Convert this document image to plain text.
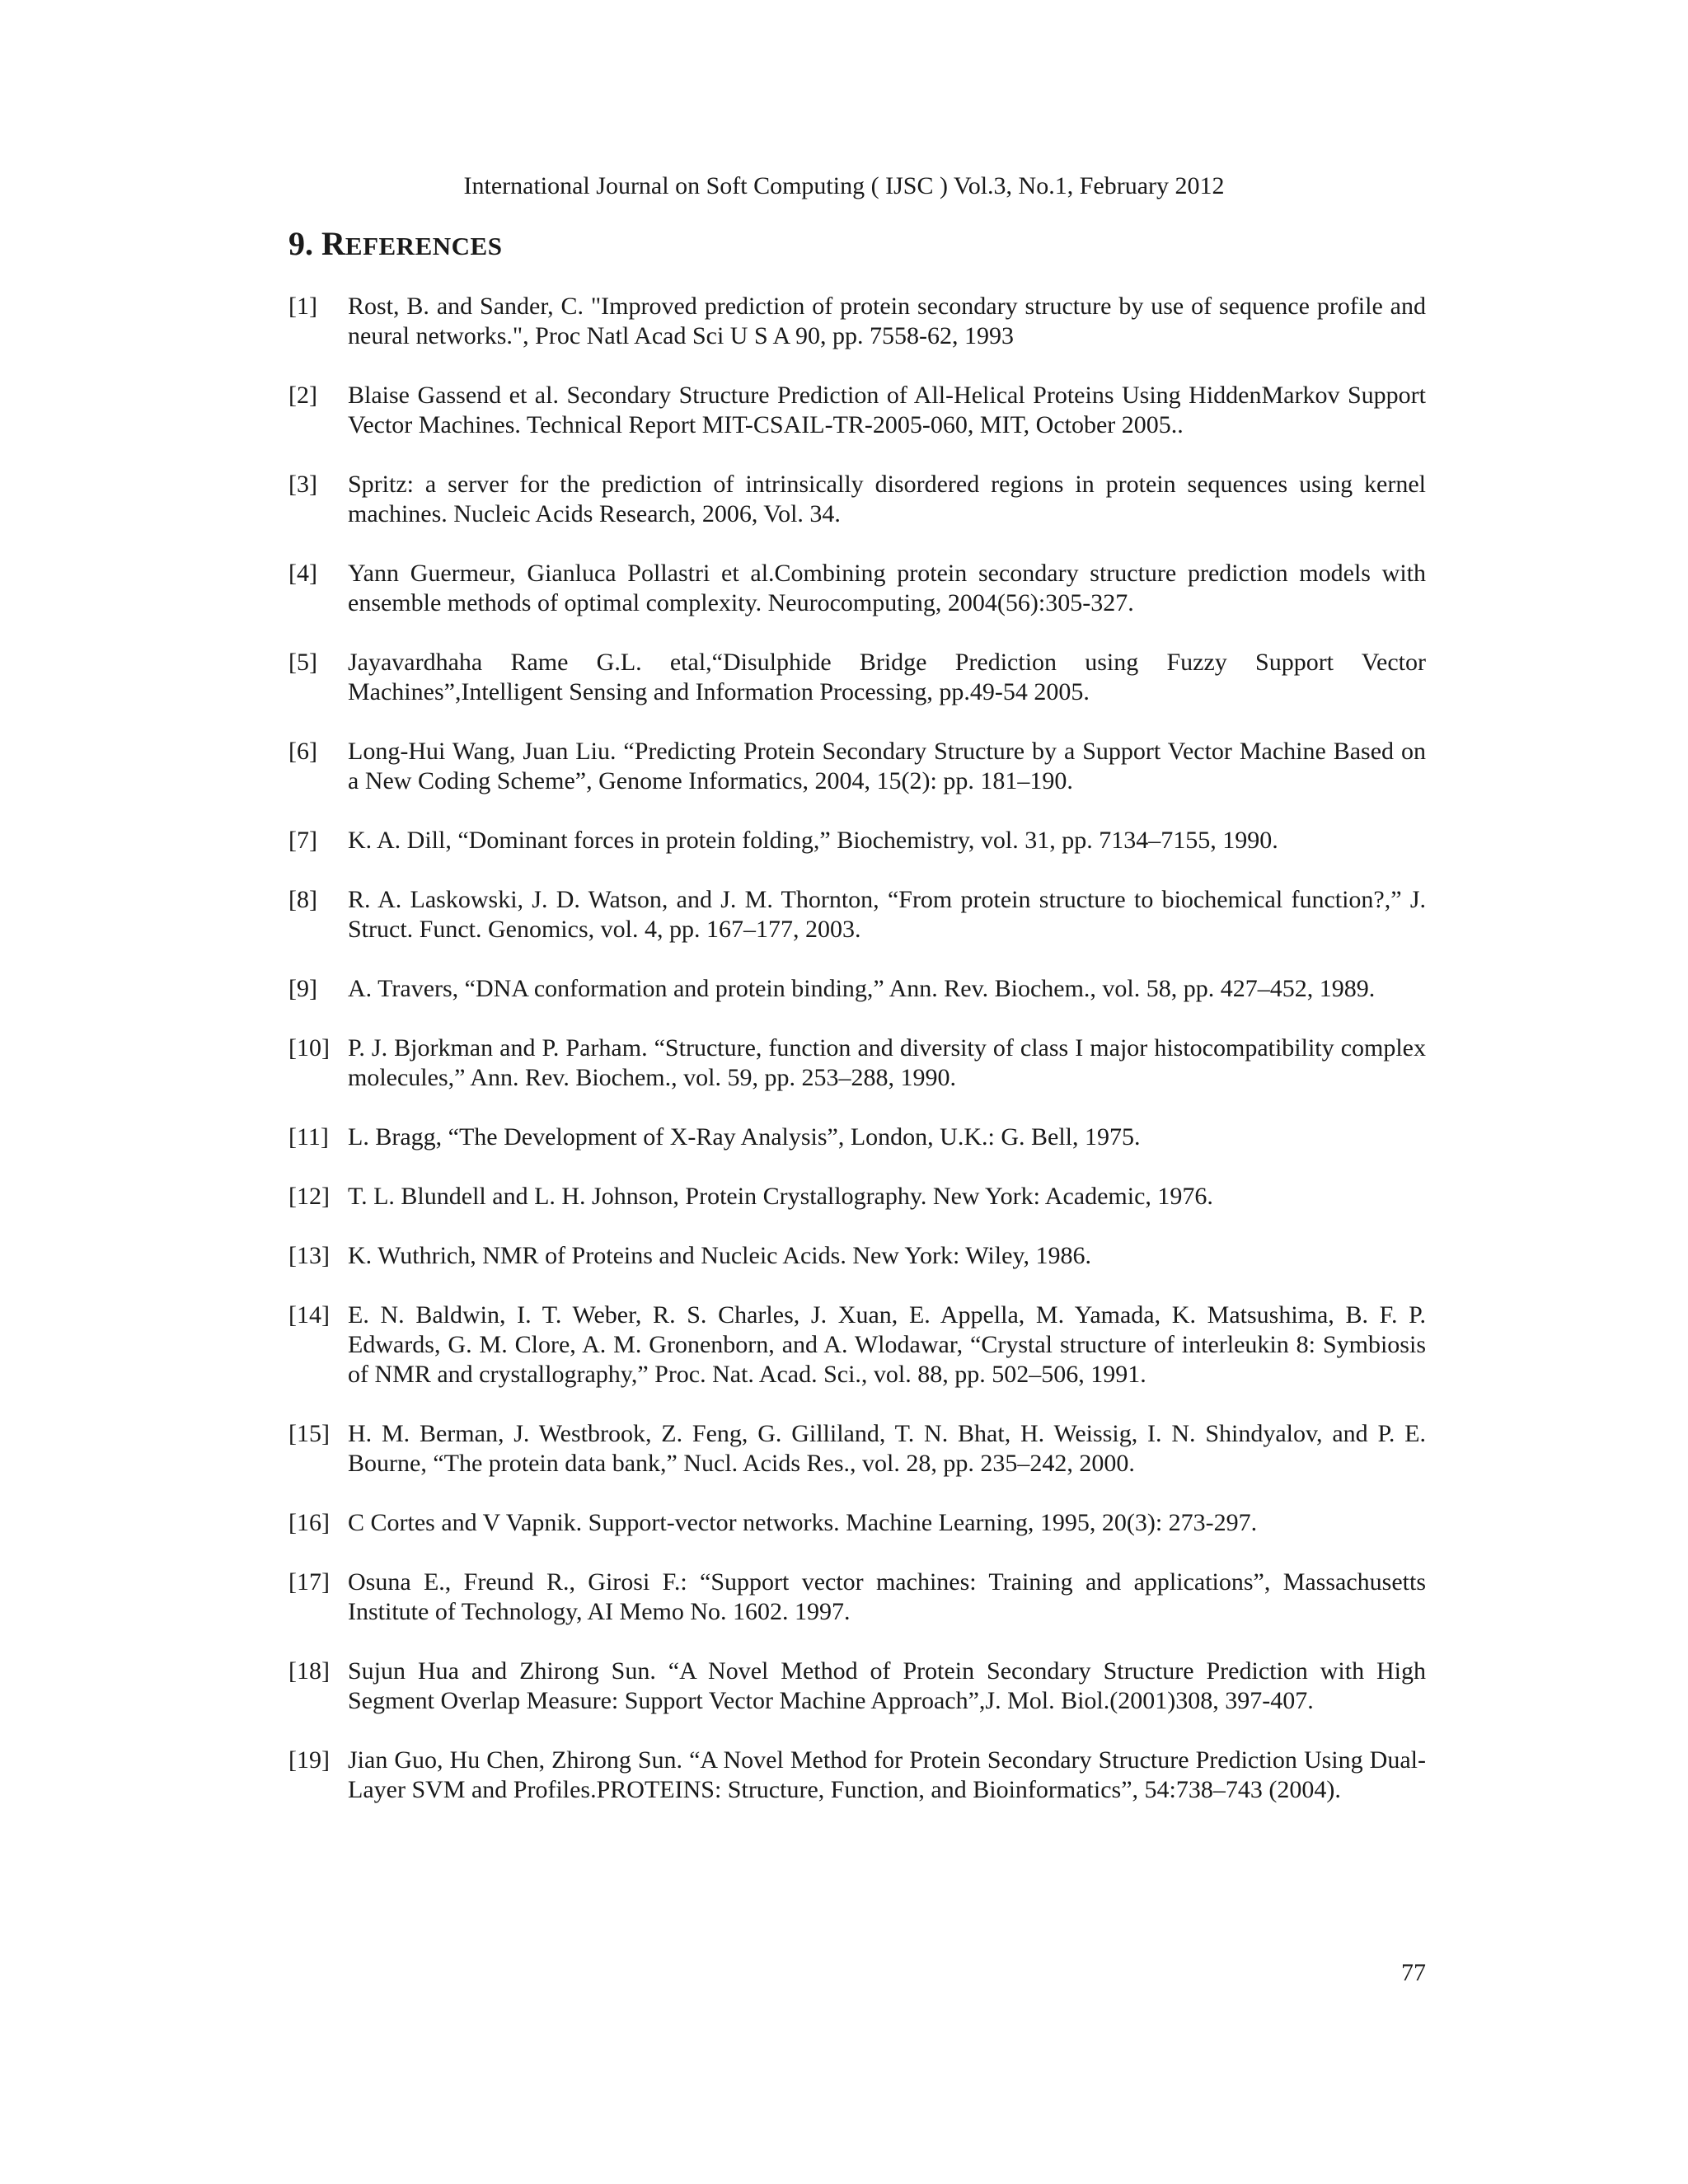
International Journal on Soft Computing ( IJSC ) Vol.3, No.1, February 2012
9. REFERENCES
[1] Rost, B. and Sander, C. "Improved prediction of protein secondary structure by use of sequence profile and neural networks.", Proc Natl Acad Sci U S A 90, pp. 7558-62, 1993
[2] Blaise Gassend et al. Secondary Structure Prediction of All-Helical Proteins Using HiddenMarkov Support Vector Machines. Technical Report MIT-CSAIL-TR-2005-060, MIT, October 2005..
[3] Spritz: a server for the prediction of intrinsically disordered regions in protein sequences using kernel machines. Nucleic Acids Research, 2006, Vol. 34.
[4] Yann Guermeur, Gianluca Pollastri et al.Combining protein secondary structure prediction models with ensemble methods of optimal complexity. Neurocomputing, 2004(56):305-327.
[5] Jayavardhaha Rame G.L. etal,“Disulphide Bridge Prediction using Fuzzy Support Vector Machines”,Intelligent Sensing and Information Processing, pp.49-54 2005.
[6] Long-Hui Wang, Juan Liu. “Predicting Protein Secondary Structure by a Support Vector Machine Based on a New Coding Scheme”, Genome Informatics, 2004, 15(2): pp. 181–190.
[7] K. A. Dill, “Dominant forces in protein folding,” Biochemistry, vol. 31, pp. 7134–7155, 1990.
[8] R. A. Laskowski, J. D. Watson, and J. M. Thornton, “From protein structure to biochemical function?,” J. Struct. Funct. Genomics, vol. 4, pp. 167–177, 2003.
[9] A. Travers, “DNA conformation and protein binding,” Ann. Rev. Biochem., vol. 58, pp. 427–452, 1989.
[10] P. J. Bjorkman and P. Parham. “Structure, function and diversity of class I major histocompatibility complex molecules,” Ann. Rev. Biochem., vol. 59, pp. 253–288, 1990.
[11] L. Bragg, “The Development of X-Ray Analysis”, London, U.K.: G. Bell, 1975.
[12] T. L. Blundell and L. H. Johnson, Protein Crystallography. New York: Academic, 1976.
[13] K. Wuthrich, NMR of Proteins and Nucleic Acids. New York: Wiley, 1986.
[14] E. N. Baldwin, I. T. Weber, R. S. Charles, J. Xuan, E. Appella, M. Yamada, K. Matsushima, B. F. P. Edwards, G. M. Clore, A. M. Gronenborn, and A. Wlodawar, “Crystal structure of interleukin 8: Symbiosis of NMR and crystallography,” Proc. Nat. Acad. Sci., vol. 88, pp. 502–506, 1991.
[15] H. M. Berman, J. Westbrook, Z. Feng, G. Gilliland, T. N. Bhat, H. Weissig, I. N. Shindyalov, and P. E. Bourne, “The protein data bank,” Nucl. Acids Res., vol. 28, pp. 235–242, 2000.
[16] C Cortes and V Vapnik. Support-vector networks. Machine Learning, 1995, 20(3): 273-297.
[17] Osuna E., Freund R., Girosi F.: “Support vector machines: Training and applications”, Massachusetts Institute of Technology, AI Memo No. 1602. 1997.
[18] Sujun Hua and Zhirong Sun. “A Novel Method of Protein Secondary Structure Prediction with High Segment Overlap Measure: Support Vector Machine Approach”,J. Mol. Biol.(2001)308, 397-407.
[19] Jian Guo, Hu Chen, Zhirong Sun. “A Novel Method for Protein Secondary Structure Prediction Using Dual-Layer SVM and Profiles.PROTEINS: Structure, Function, and Bioinformatics”, 54:738–743 (2004).
77
